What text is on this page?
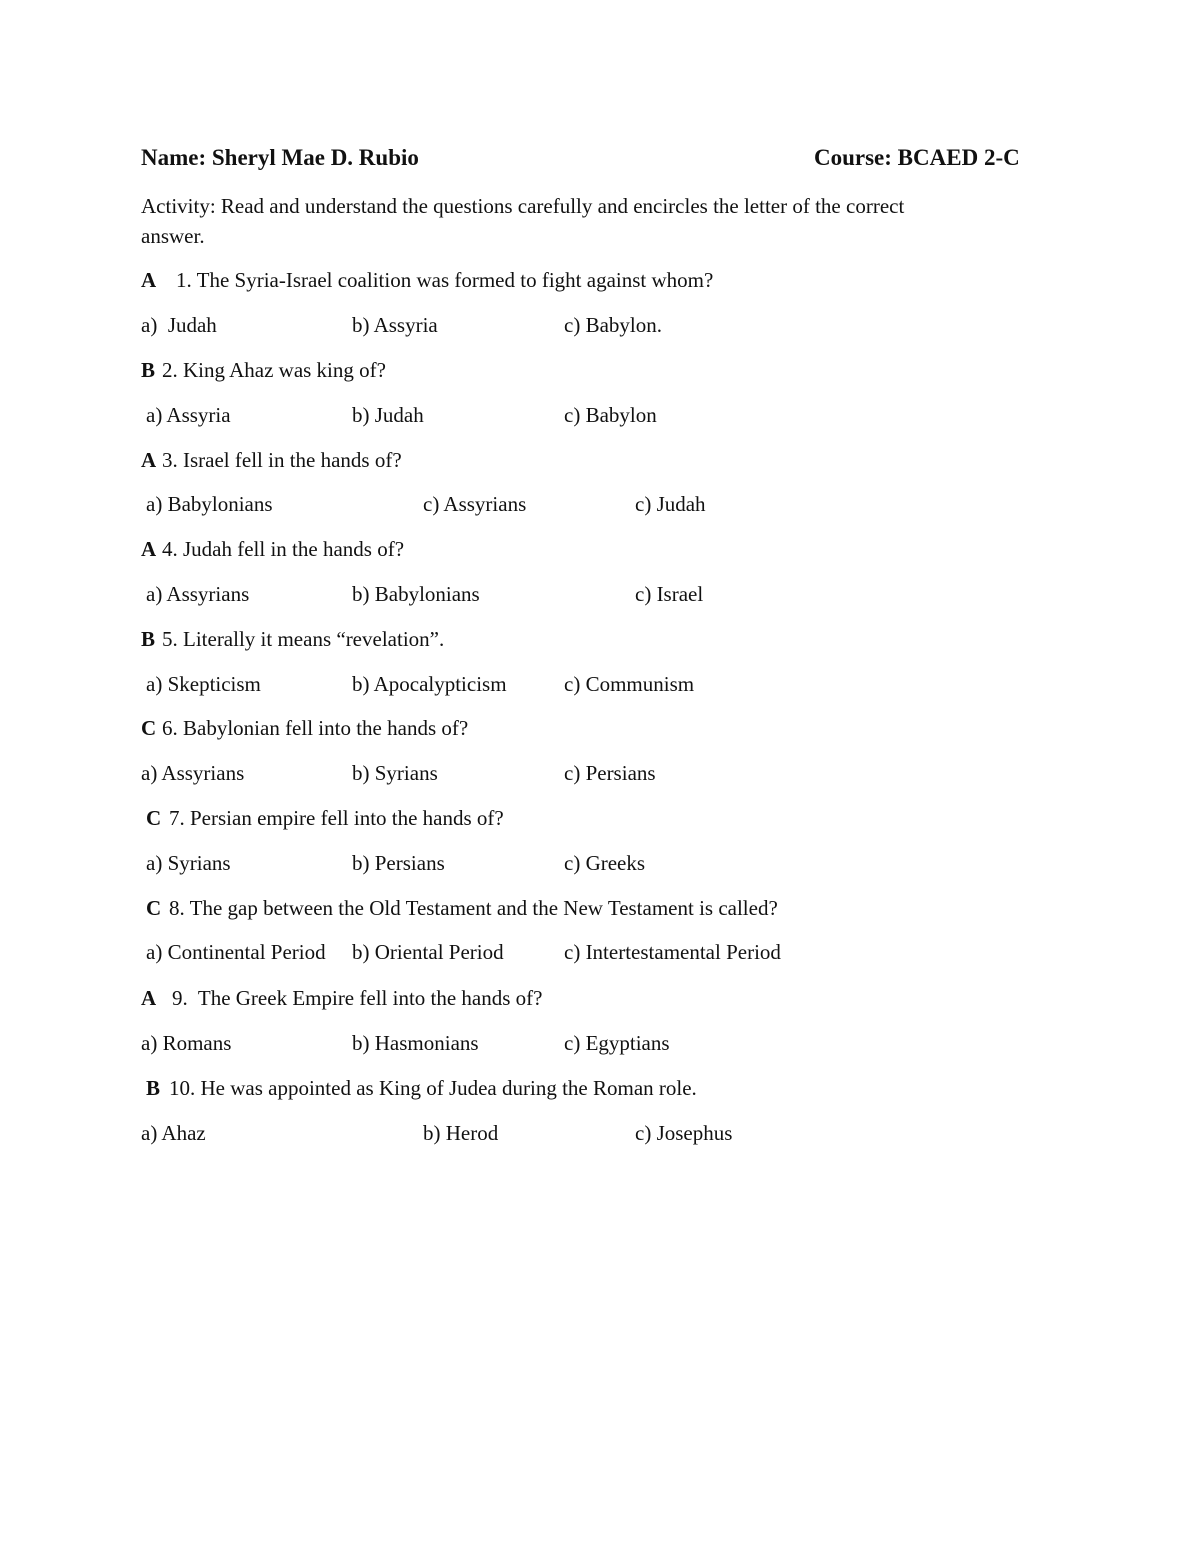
Name: Sheryl Mae D. Rubio	Course: BCAED 2-C
Activity: Read and understand the questions carefully and encircles the letter of the correct
answer.
A 1. The Syria-Israel coalition was formed to fight against whom?
a)  Judah	b) Assyria	c) Babylon.
B 2. King Ahaz was king of?
a) Assyria	b) Judah	c) Babylon
A 3. Israel fell in the hands of?
a) Babylonians	c) Assyrians	c) Judah
A 4. Judah fell in the hands of?
a) Assyrians	b) Babylonians	c) Israel
B 5. Literally it means “revelation”.
a) Skepticism	b) Apocalypticism	c) Communism
C 6. Babylonian fell into the hands of?
a) Assyrians	b) Syrians	c) Persians
C 7. Persian empire fell into the hands of?
a) Syrians	b) Persians	c) Greeks
C 8. The gap between the Old Testament and the New Testament is called?
a) Continental Period b) Oriental Period	c) Intertestamental Period
A 9.  The Greek Empire fell into the hands of?
a) Romans	b) Hasmonians	c) Egyptians
B 10. He was appointed as King of Judea during the Roman role.
a) Ahaz	b) Herod	c) Josephus
